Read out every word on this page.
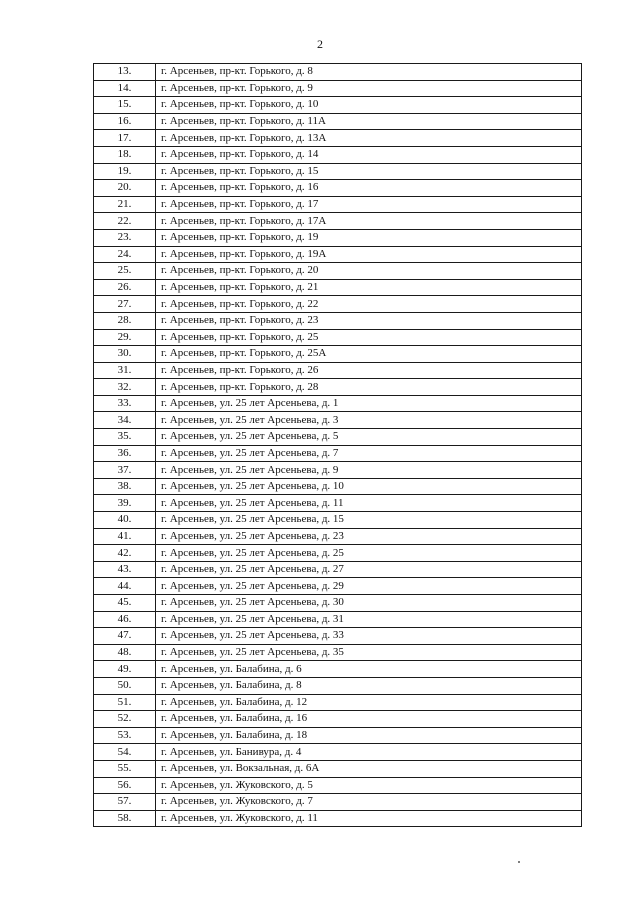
2
13.	г. Арсеньев, пр-кт. Горького, д. 8
14.	г. Арсеньев, пр-кт. Горького, д. 9
15.	г. Арсеньев, пр-кт. Горького, д. 10
16.	г. Арсеньев, пр-кт. Горького, д. 11А
17.	г. Арсеньев, пр-кт. Горького, д. 13А
18.	г. Арсеньев, пр-кт. Горького, д. 14
19.	г. Арсеньев, пр-кт. Горького, д. 15
20.	г. Арсеньев, пр-кт. Горького, д. 16
21.	г. Арсеньев, пр-кт. Горького, д. 17
22.	г. Арсеньев, пр-кт. Горького, д. 17А
23.	г. Арсеньев, пр-кт. Горького, д. 19
24.	г. Арсеньев, пр-кт. Горького, д. 19А
25.	г. Арсеньев, пр-кт. Горького, д. 20
26.	г. Арсеньев, пр-кт. Горького, д. 21
27.	г. Арсеньев, пр-кт. Горького, д. 22
28.	г. Арсеньев, пр-кт. Горького, д. 23
29.	г. Арсеньев, пр-кт. Горького, д. 25
30.	г. Арсеньев, пр-кт. Горького, д. 25А
31.	г. Арсеньев, пр-кт. Горького, д. 26
32.	г. Арсеньев, пр-кт. Горького, д. 28
33.	г. Арсеньев, ул. 25 лет Арсеньева, д. 1
34.	г. Арсеньев, ул. 25 лет Арсеньева, д. 3
35.	г. Арсеньев, ул. 25 лет Арсеньева, д. 5
36.	г. Арсеньев, ул. 25 лет Арсеньева, д. 7
37.	г. Арсеньев, ул. 25 лет Арсеньева, д. 9
38.	г. Арсеньев, ул. 25 лет Арсеньева, д. 10
39.	г. Арсеньев, ул. 25 лет Арсеньева, д. 11
40.	г. Арсеньев, ул. 25 лет Арсеньева, д. 15
41.	г. Арсеньев, ул. 25 лет Арсеньева, д. 23
42.	г. Арсеньев, ул. 25 лет Арсеньева, д. 25
43.	г. Арсеньев, ул. 25 лет Арсеньева, д. 27
44.	г. Арсеньев, ул. 25 лет Арсеньева, д. 29
45.	г. Арсеньев, ул. 25 лет Арсеньева, д. 30
46.	г. Арсеньев, ул. 25 лет Арсеньева, д. 31
47.	г. Арсеньев, ул. 25 лет Арсеньева, д. 33
48.	г. Арсеньев, ул. 25 лет Арсеньева, д. 35
49.	г. Арсеньев, ул. Балабина, д. 6
50.	г. Арсеньев, ул. Балабина, д. 8
51.	г. Арсеньев, ул. Балабина, д. 12
52.	г. Арсеньев, ул. Балабина, д. 16
53.	г. Арсеньев, ул. Балабина, д. 18
54.	г. Арсеньев, ул. Банивура, д. 4
55.	г. Арсеньев, ул. Вокзальная, д. 6А
56.	г. Арсеньев, ул. Жуковского, д. 5
57.	г. Арсеньев, ул. Жуковского, д. 7
58.	г. Арсеньев, ул. Жуковского, д. 11
